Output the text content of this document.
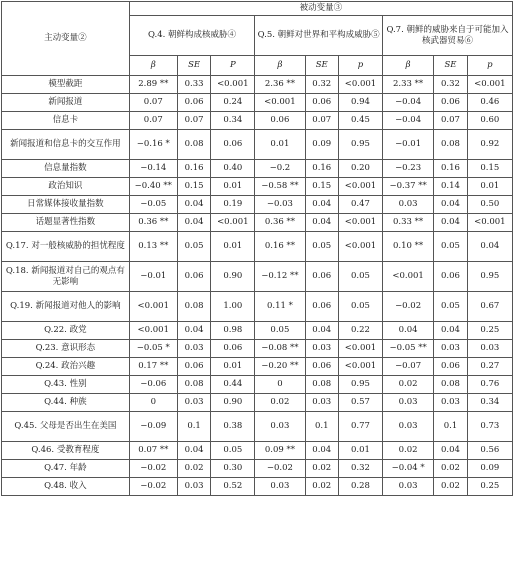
主动变量②	被动变量③								
	Q.4. 朝鲜构成核威胁④			Q.5. 朝鲜对世界和平构成威胁⑤			Q.7. 朝鲜的威胁来自于可能加入核武器贸易⑥		
	β	SE	P	β	SE	p	β	SE	p
模型截距	2.89 **	0.33	<0.001	2.36 **	0.32	<0.001	2.33 **	0.32	<0.001
新闻报道	0.07	0.06	0.24	<0.001	0.06	0.94	−0.04	0.06	0.46
信息卡	0.07	0.07	0.34	0.06	0.07	0.45	−0.04	0.07	0.60
新闻报道和信息卡的交互作用	−0.16 *	0.08	0.06	0.01	0.09	0.95	−0.01	0.08	0.92
信息量指数	−0.14	0.16	0.40	−0.2	0.16	0.20	−0.23	0.16	0.15
政治知识	−0.40 **	0.15	0.01	−0.58 **	0.15	<0.001	−0.37 **	0.14	0.01
日常媒体接收量指数	−0.05	0.04	0.19	−0.03	0.04	0.47	0.03	0.04	0.50
话题显著性指数	0.36 **	0.04	<0.001	0.36 **	0.04	<0.001	0.33 **	0.04	<0.001
Q.17. 对一般核威胁的担忧程度	0.13 **	0.05	0.01	0.16 **	0.05	<0.001	0.10 **	0.05	0.04
Q.18. 新闻报道对自己的观点有无影响	−0.01	0.06	0.90	−0.12 **	0.06	0.05	<0.001	0.06	0.95
Q.19. 新闻报道对他人的影响	<0.001	0.08	1.00	0.11 *	0.06	0.05	−0.02	0.05	0.67
Q.22. 政党	<0.001	0.04	0.98	0.05	0.04	0.22	0.04	0.04	0.25
Q.23. 意识形态	−0.05 *	0.03	0.06	−0.08 **	0.03	<0.001	−0.05 **	0.03	0.03
Q.24. 政治兴趣	0.17 **	0.06	0.01	−0.20 **	0.06	<0.001	−0.07	0.06	0.27
Q.43. 性别	−0.06	0.08	0.44	0	0.08	0.95	0.02	0.08	0.76
Q.44. 种族	0	0.03	0.90	0.02	0.03	0.57	0.03	0.03	0.34
Q.45. 父母是否出生在美国	−0.09	0.1	0.38	0.03	0.1	0.77	0.03	0.1	0.73
Q.46. 受教育程度	0.07 **	0.04	0.05	0.09 **	0.04	0.01	0.02	0.04	0.56
Q.47. 年龄	−0.02	0.02	0.30	−0.02	0.02	0.32	−0.04 *	0.02	0.09
Q.48. 收入	−0.02	0.03	0.52	0.03	0.02	0.28	0.03	0.02	0.25
